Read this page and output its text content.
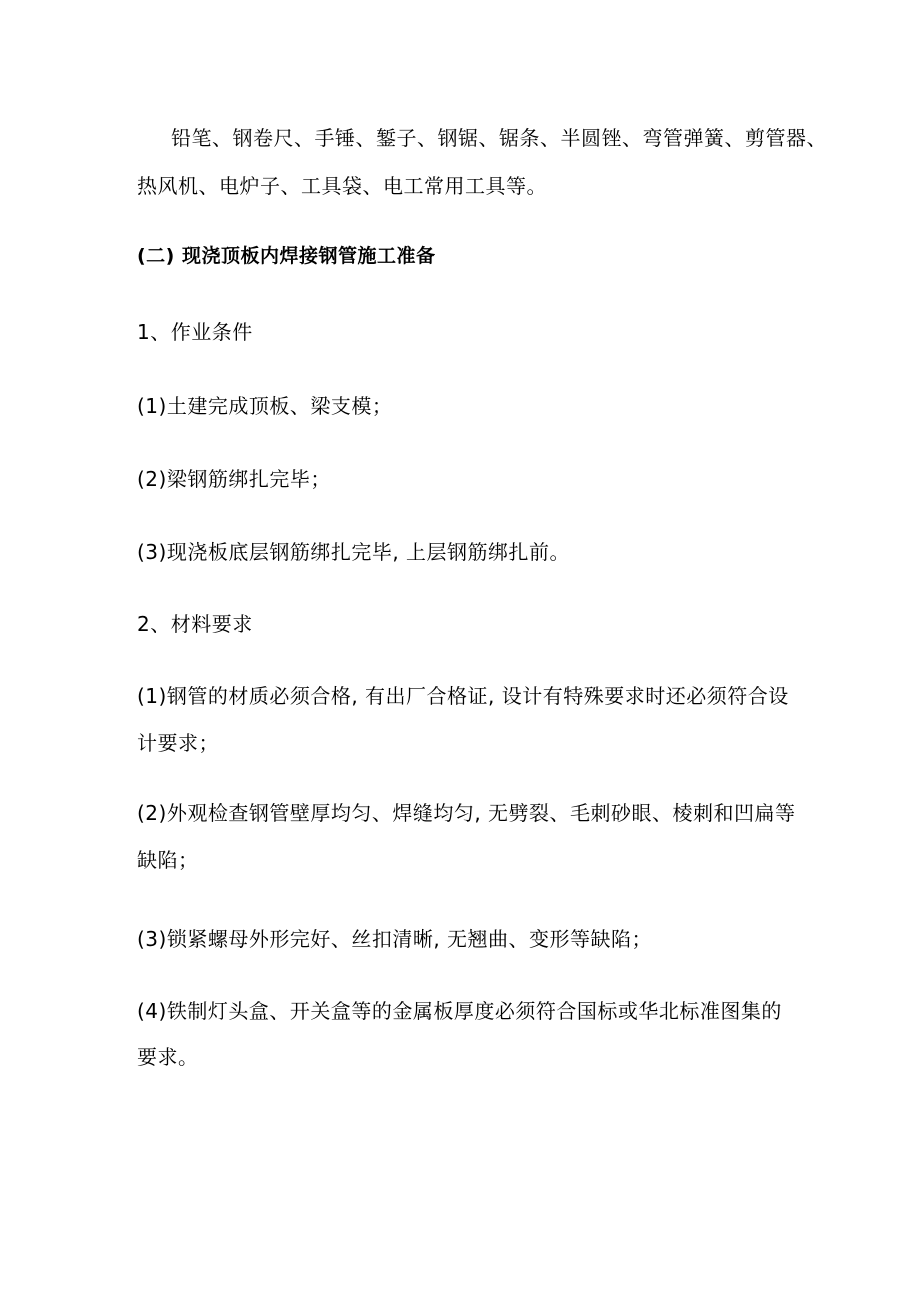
铅笔、钢卷尺、手锤、錾子、钢锯、锯条、半圆锉、弯管弹簧、剪管器、
热风机、电炉子、工具袋、电工常用工具等。
(二) 现浇顶板内焊接钢管施工准备
1、作业条件
(1)土建完成顶板、梁支模；
(2)梁钢筋绑扎完毕；
(3)现浇板底层钢筋绑扎完毕, 上层钢筋绑扎前。
2、材料要求
(1)钢管的材质必须合格, 有出厂合格证, 设计有特殊要求时还必须符合设
计要求；
(2)外观检查钢管壁厚均匀、焊缝均匀, 无劈裂、毛刺砂眼、棱刺和凹扁等
缺陷；
(3)锁紧螺母外形完好、丝扣清晰, 无翘曲、变形等缺陷；
(4)铁制灯头盒、开关盒等的金属板厚度必须符合国标或华北标准图集的
要求。
